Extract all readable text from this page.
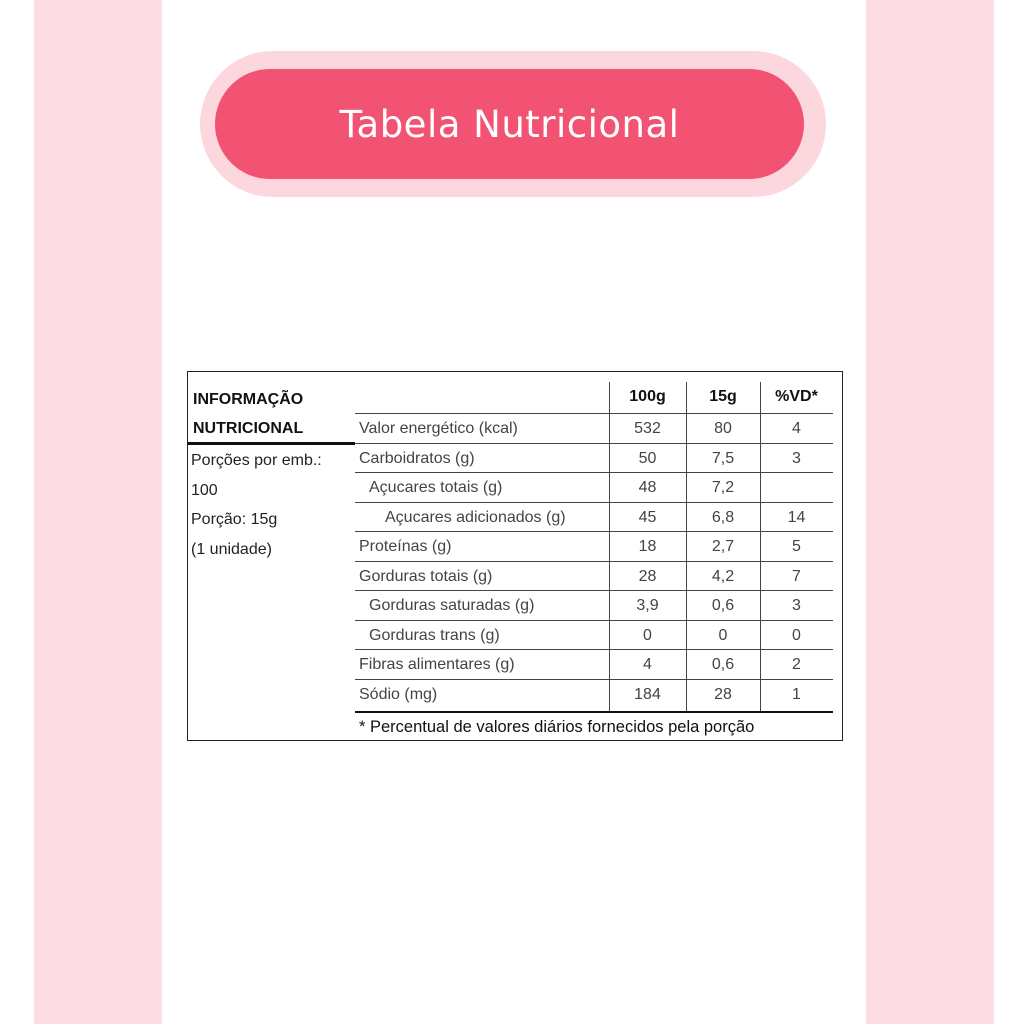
Tabela Nutricional
INFORMAÇÃO
NUTRICIONAL
Porções por emb.:
100
Porção: 15g
(1 unidade)
100g	15g	%VD*
Valor energético (kcal)	532	80	4
Carboidratos (g)	50	7,5	3
Açucares totais (g)	48	7,2
Açucares adicionados (g)	45	6,8	14
Proteínas (g)	18	2,7	5
Gorduras totais (g)	28	4,2	7
Gorduras saturadas (g)	3,9	0,6	3
Gorduras trans (g)	0	0	0
Fibras alimentares (g)	4	0,6	2
Sódio (mg)	184	28	1
* Percentual de valores diários fornecidos pela porção
